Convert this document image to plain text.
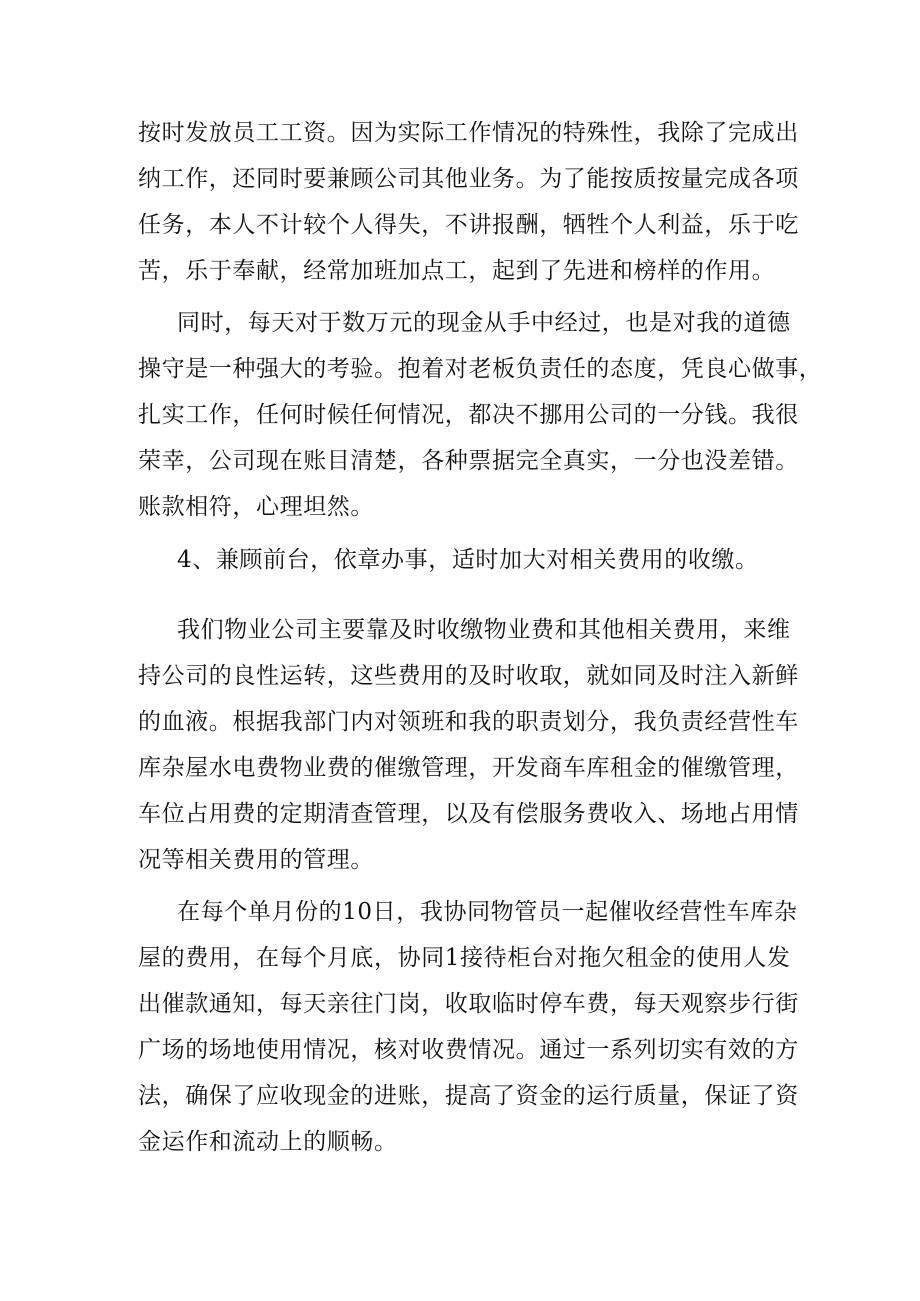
按时发放员工工资。因为实际工作情况的特殊性，我除了完成出
纳工作，还同时要兼顾公司其他业务。为了能按质按量完成各项
任务，本人不计较个人得失，不讲报酬，牺牲个人利益，乐于吃
苦，乐于奉献，经常加班加点工，起到了先进和榜样的作用。
同时，每天对于数万元的现金从手中经过，也是对我的道德
操守是一种强大的考验。抱着对老板负责任的态度，凭良心做事，
扎实工作，任何时候任何情况，都决不挪用公司的一分钱。我很
荣幸，公司现在账目清楚，各种票据完全真实，一分也没差错。
账款相符，心理坦然。
4、兼顾前台，依章办事，适时加大对相关费用的收缴。
我们物业公司主要靠及时收缴物业费和其他相关费用，来维
持公司的良性运转，这些费用的及时收取，就如同及时注入新鲜
的血液。根据我部门内对领班和我的职责划分，我负责经营性车
库杂屋水电费物业费的催缴管理，开发商车库租金的催缴管理，
车位占用费的定期清查管理，以及有偿服务费收入、场地占用情
况等相关费用的管理。
在每个单月份的10日，我协同物管员一起催收经营性车库杂
屋的费用，在每个月底，协同1接待柜台对拖欠租金的使用人发
出催款通知，每天亲往门岗，收取临时停车费，每天观察步行街
广场的场地使用情况，核对收费情况。通过一系列切实有效的方
法，确保了应收现金的进账，提高了资金的运行质量，保证了资
金运作和流动上的顺畅。
